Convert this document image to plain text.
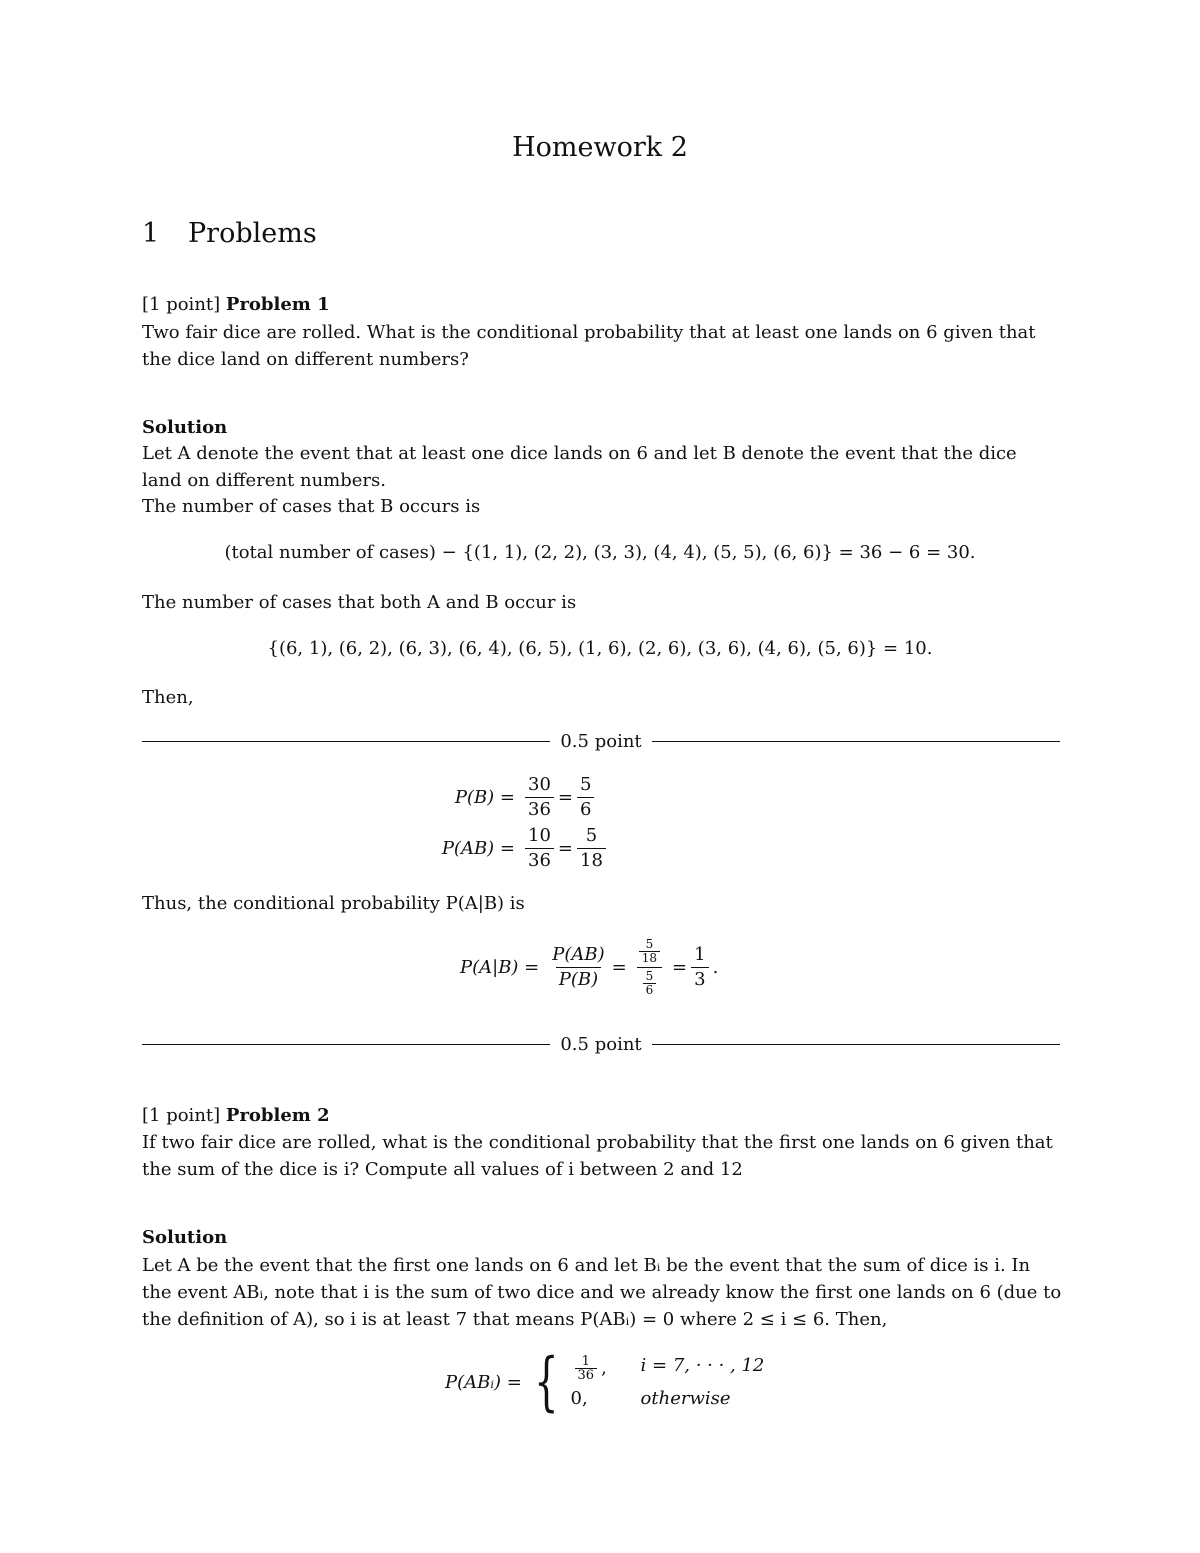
Homework 2
1 Problems
[1 point] Problem 1
Two fair dice are rolled. What is the conditional probability that at least one lands on 6 given that the dice land on different numbers?
Solution
Let A denote the event that at least one dice lands on 6 and let B denote the event that the dice land on different numbers.
The number of cases that B occurs is
(total number of cases) − {(1, 1), (2, 2), (3, 3), (4, 4), (5, 5), (6, 6)} = 36 − 6 = 30.
The number of cases that both A and B occur is
{(6, 1), (6, 2), (6, 3), (6, 4), (6, 5), (1, 6), (2, 6), (3, 6), (4, 6), (5, 6)} = 10.
Then,
0.5 point
$P(B) = \frac{30}{36} = \frac{5}{6}$
$P(AB) = \frac{10}{36} = \frac{5}{18}$
Thus, the conditional probability P(A|B) is
$P(A|B) = \frac{P(AB)}{P(B)} = \frac{\frac{5}{18}}{\frac{5}{6}} = \frac{1}{3}$ .
0.5 point
[1 point] Problem 2
If two fair dice are rolled, what is the conditional probability that the first one lands on 6 given that the sum of the dice is i? Compute all values of i between 2 and 12
Solution
Let A be the event that the first one lands on 6 and let Bᵢ be the event that the sum of dice is i. In the event ABᵢ, note that i is the sum of two dice and we already know the first one lands on 6 (due to the definition of A), so i is at least 7 that means P(ABᵢ) = 0 where 2 ≤ i ≤ 6. Then,
P(ABᵢ) = { $\frac{1}{36}$ ,	i = 7, · · · , 12
0,	otherwise
